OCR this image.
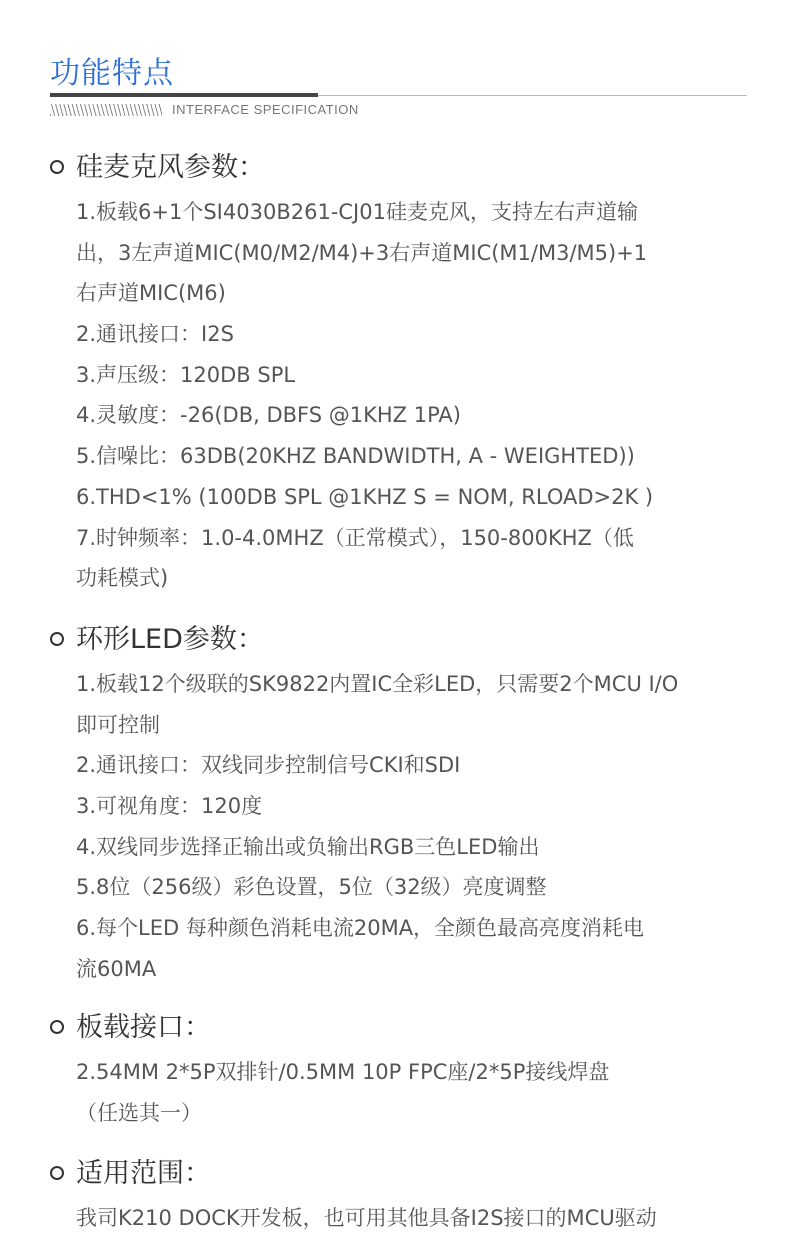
功能特点
INTERFACE SPECIFICATION
硅麦克风参数：
1.板载6+1个SI4030B261-CJ01硅麦克风，支持左右声道输
出，3左声道MIC(M0/M2/M4)+3右声道MIC(M1/M3/M5)+1
右声道MIC(M6)
2.通讯接口：I2S
3.声压级：120DB SPL
4.灵敏度：-26(DB, DBFS @1KHZ 1PA)
5.信噪比：63DB(20KHZ BANDWIDTH, A - WEIGHTED))
6.THD<1% (100DB SPL @1KHZ S = NOM, RLOAD>2K )
7.时钟频率：1.0-4.0MHZ（正常模式），150-800KHZ（低
功耗模式)
环形LED参数：
1.板载12个级联的SK9822内置IC全彩LED，只需要2个MCU I/O
即可控制
2.通讯接口：双线同步控制信号CKI和SDI
3.可视角度：120度
4.双线同步选择正输出或负输出RGB三色LED输出
5.8位（256级）彩色设置，5位（32级）亮度调整
6.每个LED 每种颜色消耗电流20MA，全颜色最高亮度消耗电
流60MA
板载接口：
2.54MM 2*5P双排针/0.5MM 10P FPC座/2*5P接线焊盘
（任选其一）
适用范围：
我司K210 DOCK开发板，也可用其他具备I2S接口的MCU驱动
